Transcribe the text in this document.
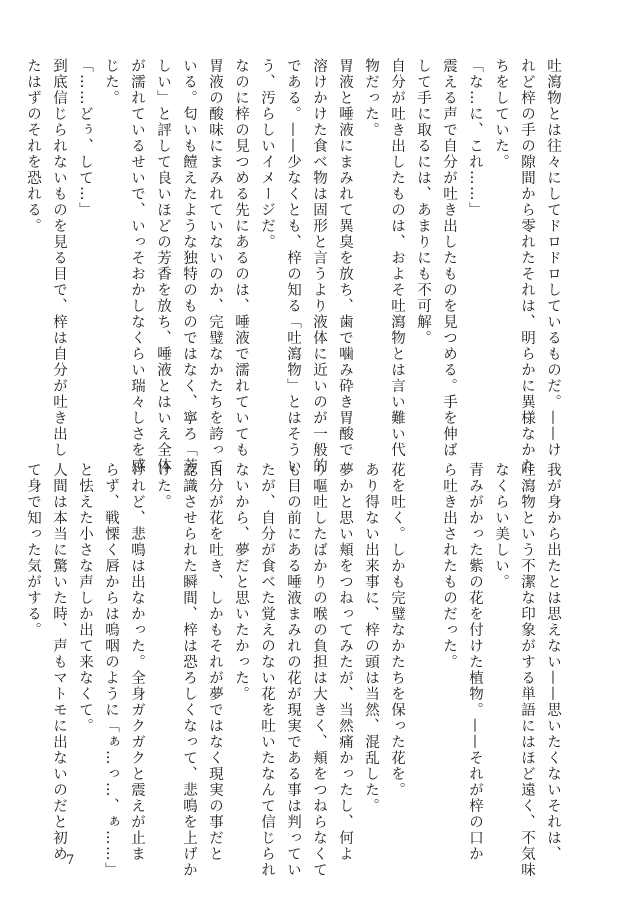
吐瀉物とは往々にしてドロドロしているものだ。——け

れど梓の手の隙間から零れたそれは、明らかに異様なかた

ちをしていた。

「な…に、これ……」

震える声で自分が吐き出したものを見つめる。手を伸ば

して手に取るには、あまりにも不可解。

自分が吐き出したものは、およそ吐瀉物とは言い難い代

物だった。

胃液と唾液にまみれて異臭を放ち、歯で噛み砕き胃酸で

溶けかけた食べ物は固形と言うより液体に近いのが一般的

である。——少なくとも、梓の知る「吐瀉物」とはそうい

う、汚らしいイメージだ。

なのに梓の見つめる先にあるのは、唾液で濡れていても

胃液の酸味にまみれていないのか、完璧なかたちを誇って

いる。匂いも饐えたような独特のものではなく、寧ろ「芳

しい」と評して良いほどの芳香を放ち、唾液とはいえ全体

が濡れているせいで、いっそおかしなくらい瑞々しさを感

じた。

「……どぅ、して…」

到底信じられないものを見る目で、梓は自分が吐き出し

たはずのそれを恐れる。

我が身から出たとは思えない——思いたくないそれは、

吐瀉物という不潔な印象がする単語にはほど遠く、不気味

なくらい美しい。

青みがかった紫の花を付けた植物。——それが梓の口か

ら吐き出されたものだった。

花を吐く。しかも完璧なかたちを保った花を。

あり得ない出来事に、梓の頭は当然、混乱した。

夢かと思い頬をつねってみたが、当然痛かったし、何よ

り嘔吐したばかりの喉の負担は大きく、頬をつねらなくて

も目の前にある唾液まみれの花が現実である事は判ってい

たが、自分が食べた覚えのない花を吐いたなんて信じられ

ないから、夢だと思いたかった。

自分が花を吐き、しかもそれが夢ではなく現実の事だと

認識させられた瞬間、梓は恐ろしくなって、悲鳴を上げか

けた。

けれど、悲鳴は出なかった。全身ガクガクと震えが止ま

らず、戦慄く唇からは嗚咽のように「ぁ…っ…、ぁ……」

と怯えた小さな声しか出て来なくて。

人間は本当に驚いた時、声もマトモに出ないのだと初め

て身で知った気がする。

7
